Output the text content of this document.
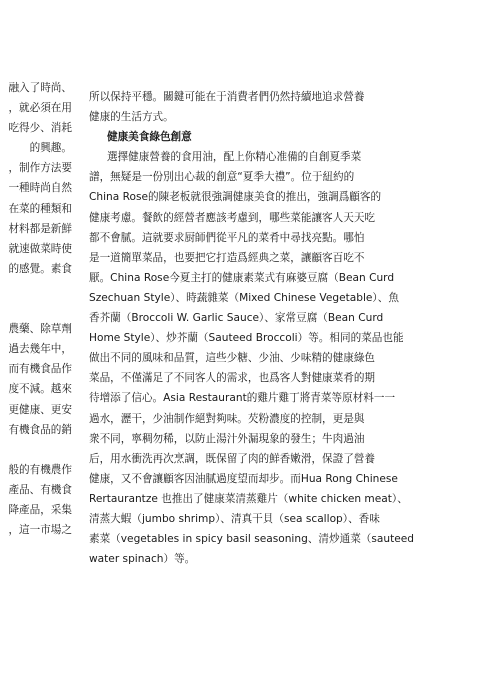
融入了時尚、
，就必須在用
吃得少、消耗
的興趣。
，制作方法要
一種時尚自然
在菜的種類和
材料都是新鮮
就速做菜時使
的感覺。素食

農藥、除草劑
過去幾年中，
而有機食品作
度不減。越來
更健康、更安
有機食品的銷

般的有機農作
產品、有機食
降產品，采集
，這一市場之
所以保持平穩。關鍵可能在于消費者們仍然持續地追求營養
健康的生活方式。
健康美食綠色創意
選擇健康營養的食用油，配上你精心准備的自創夏季菜
譜，無疑是一份別出心裁的創意“夏季大禮”。位于紐約的
China Rose的陳老板就很強調健康美食的推出，強調爲顧客的
健康考慮。餐飲的經營者應該考慮到，哪些菜能讓客人天天吃
都不會膩。這就要求厨師們從平凡的菜肴中尋找亮點。哪怕
是一道簡單菜品，也要把它打造爲經典之菜，讓顧客百吃不
厭。China Rose今夏主打的健康素菜式有麻婆豆腐（Bean Curd
Szechuan Style）、時蔬雜菜（Mixed Chinese Vegetable）、魚
香芥蘭（Broccoli W. Garlic Sauce）、家常豆腐（Bean Curd
Home Style）、炒芥蘭（Sauteed Broccoli）等。相同的菜品也能
做出不同的風味和品質，這些少糖、少油、少味精的健康綠色
菜品，不僅滿足了不同客人的需求，也爲客人對健康菜肴的期
待增添了信心。Asia Restaurant的雞片雞丁將青菜等原材料一一
過水，瀝干，少油制作絕對夠味。芡粉濃度的控制，更是與
衆不同，寧稠勿稀，以防止湯汁外漏現象的發生；牛肉過油
后，用水衝洗再次烹調，既保留了肉的鮮香嫩滑，保證了營養
健康，又不會讓顧客因油膩過度望而却步。而Hua Rong Chinese
Rertaurantze 也推出了健康菜清蒸雞片（white chicken meat）、
清蒸大蝦（jumbo shrimp）、清真干貝（sea scallop）、香味
素菜（vegetables in spicy basil seasoning、清炒通菜（sauteed
water spinach）等。
